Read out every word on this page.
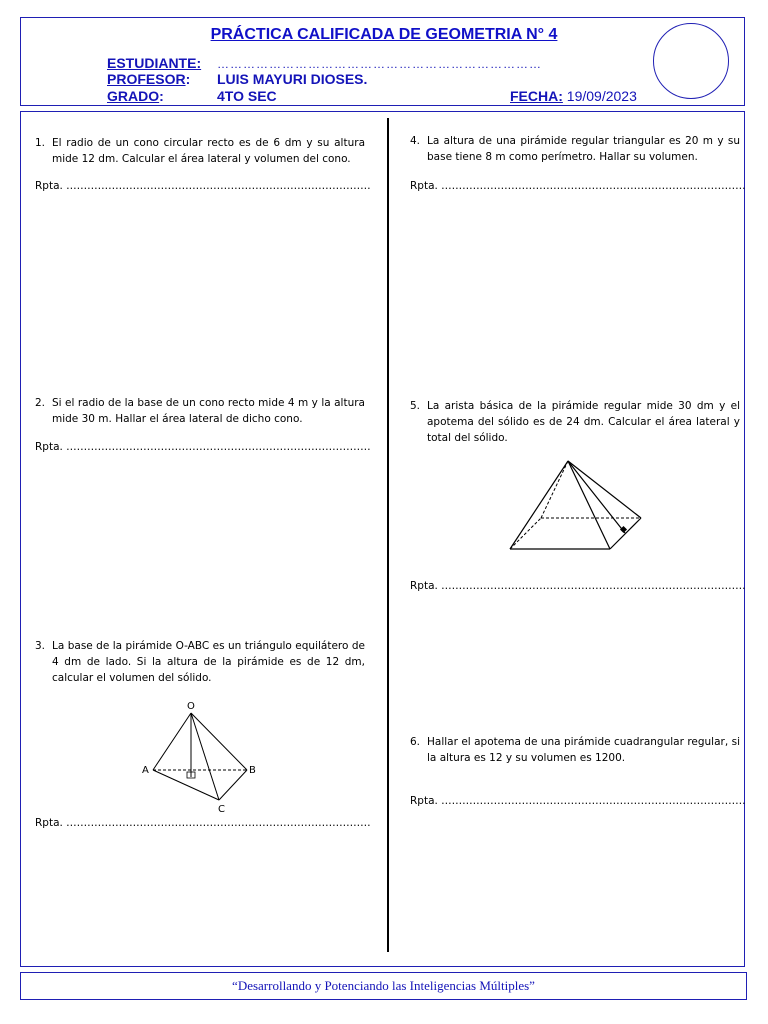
PRÁCTICA CALIFICADA DE GEOMETRIA N° 4
ESTUDIANTE: …………………………………………………………………
PROFESOR: LUIS MAYURI DIOSES.
GRADO:	4TO SEC	FECHA: 19/09/2023
1. El radio de un cono circular recto es de 6 dm y su altura mide 12 dm. Calcular el área lateral y volumen del cono.
Rpta. ……………………………………………………………………………
2. Si el radio de la base de un cono recto mide 4 m y la altura mide 30 m. Hallar el área lateral de dicho cono.
Rpta. ……………………………………………………………………………
3. La base de la pirámide O-ABC es un triángulo equilátero de 4 dm de lado. Si la altura de la pirámide es de 12 dm, calcular el volumen del sólido.
O
A	B
C
Rpta. ……………………………………………………………………………
4. La altura de una pirámide regular triangular es 20 m y su base tiene 8 m como perímetro. Hallar su volumen.
Rpta. ……………………………………………………………………………
5. La arista básica de la pirámide regular mide 30 dm y el apotema del sólido es de 24 dm. Calcular el área lateral y total del sólido.
Rpta. ……………………………………………………………………………
6. Hallar el apotema de una pirámide cuadrangular regular, si la altura es 12 y su volumen es 1200.
Rpta. ……………………………………………………………………………
“Desarrollando y Potenciando las Inteligencias Múltiples”
